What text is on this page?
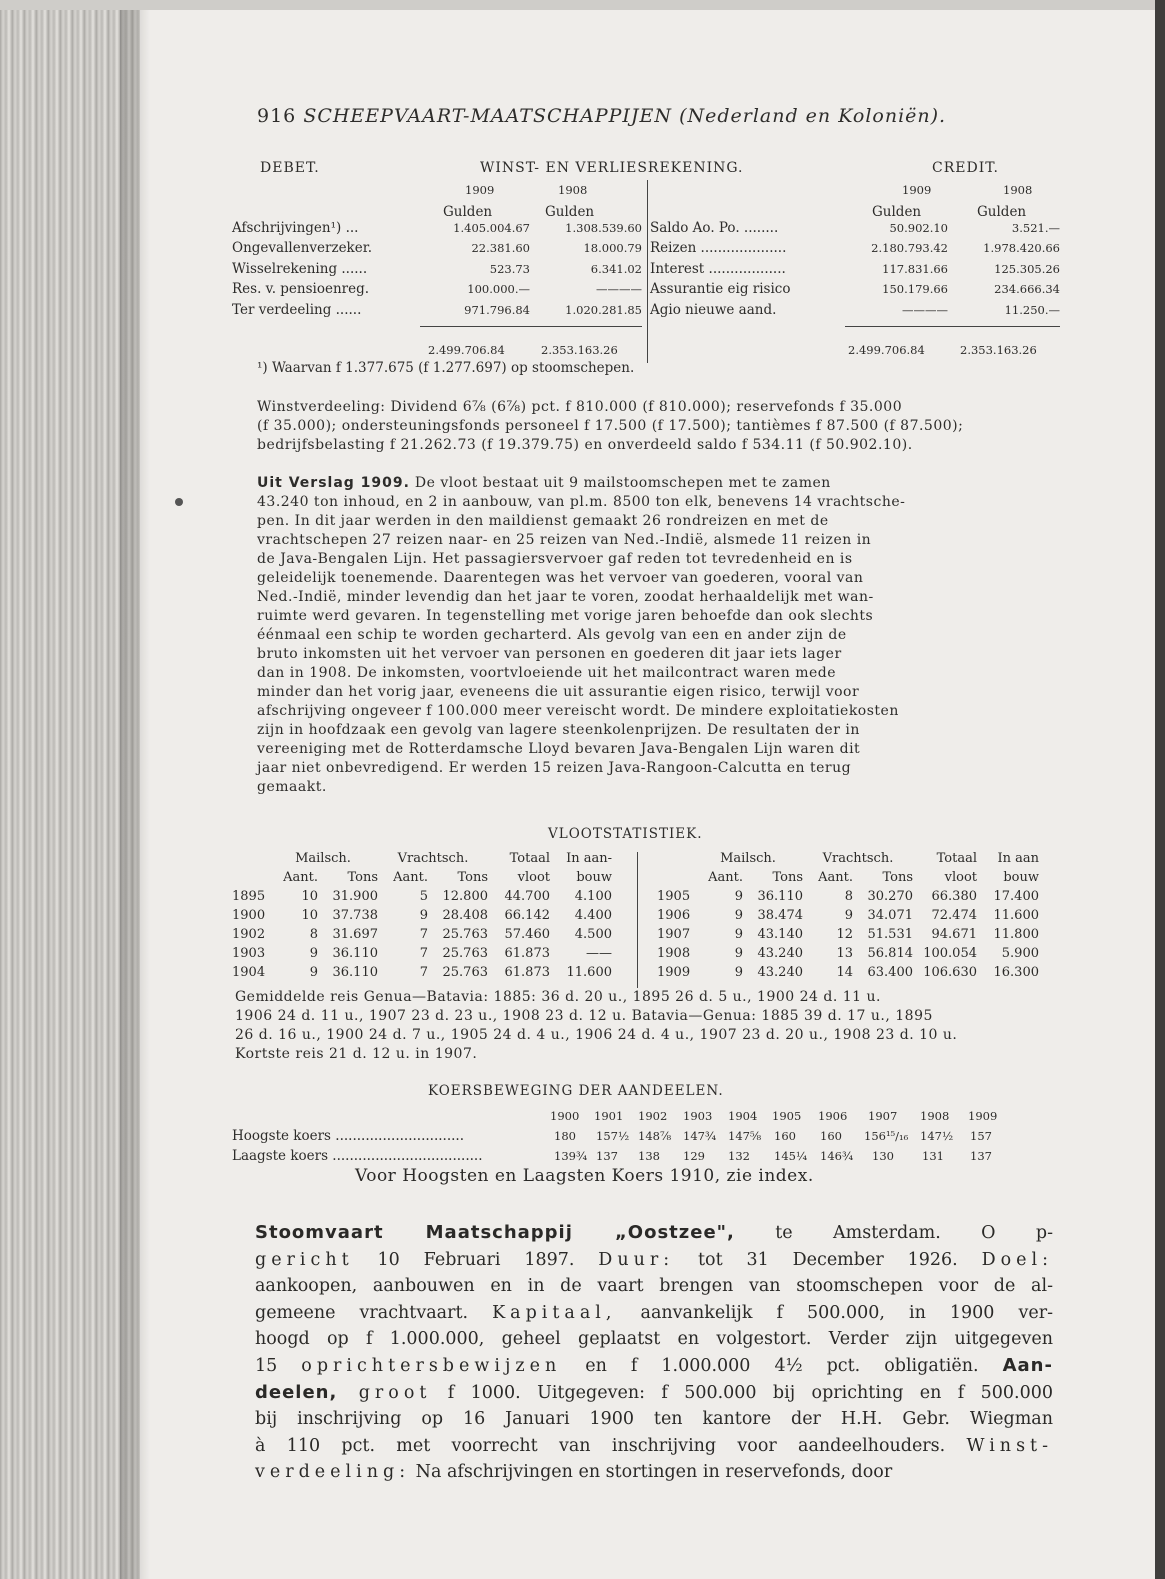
916 SCHEEPVAART-MAATSCHAPPIJEN (Nederland en Koloniën).
DEBET.	WINST- EN VERLIESREKENING.	CREDIT.
1909	1908
Gulden	Gulden
1909	1908
Gulden	Gulden
Afschrijvingen¹) ...	1.405.004.67	1.308.539.60
Ongevallenverzeker.	22.381.60	18.000.79
Wisselrekening ......	523.73	6.341.02
Res. v. pensioenreg.	100.000.—	————
Ter verdeeling ......	971.796.84	1.020.281.85
Saldo Ao. Po. ........	50.902.10	3.521.—
Reizen ....................	2.180.793.42	1.978.420.66
Interest ..................	117.831.66	125.305.26
Assurantie eig risico	150.179.66	234.666.34
Agio nieuwe aand.	————	11.250.—
2.499.706.84	2.353.163.26	2.499.706.84	2.353.163.26
¹) Waarvan f 1.377.675 (f 1.277.697) op stoomschepen.
Winstverdeeling: Dividend 6⅞ (6⅞) pct. f 810.000 (f 810.000); reservefonds f 35.000
(f 35.000); ondersteuningsfonds personeel f 17.500 (f 17.500); tantièmes f 87.500 (f 87.500);
bedrijfsbelasting f 21.262.73 (f 19.379.75) en onverdeeld saldo f 534.11 (f 50.902.10).
Uit Verslag 1909. De vloot bestaat uit 9 mailstoomschepen met te zamen
43.240 ton inhoud, en 2 in aanbouw, van pl.m. 8500 ton elk, benevens 14 vrachtsche-
pen. In dit jaar werden in den maildienst gemaakt 26 rondreizen en met de
vrachtschepen 27 reizen naar- en 25 reizen van Ned.-Indië, alsmede 11 reizen in
de Java-Bengalen Lijn. Het passagiersvervoer gaf reden tot tevredenheid en is
geleidelijk toenemende. Daarentegen was het vervoer van goederen, vooral van
Ned.-Indië, minder levendig dan het jaar te voren, zoodat herhaaldelijk met wan-
ruimte werd gevaren. In tegenstelling met vorige jaren behoefde dan ook slechts
éénmaal een schip te worden gecharterd. Als gevolg van een en ander zijn de
bruto inkomsten uit het vervoer van personen en goederen dit jaar iets lager
dan in 1908. De inkomsten, voortvloeiende uit het mailcontract waren mede
minder dan het vorig jaar, eveneens die uit assurantie eigen risico, terwijl voor
afschrijving ongeveer f 100.000 meer vereischt wordt. De mindere exploitatiekosten
zijn in hoofdzaak een gevolg van lagere steenkolenprijzen. De resultaten der in
vereeniging met de Rotterdamsche Lloyd bevaren Java-Bengalen Lijn waren dit
jaar niet onbevredigend. Er werden 15 reizen Java-Rangoon-Calcutta en terug
gemaakt.
VLOOTSTATISTIEK.
	Mailsch.		Vrachtsch.		Totaal	In aan-
	Aant.	Tons	Aant.	Tons	vloot	bouw
1895	10	31.900	5	12.800	44.700	4.100
1900	10	37.738	9	28.408	66.142	4.400
1902	8	31.697	7	25.763	57.460	4.500
1903	9	36.110	7	25.763	61.873	——
1904	9	36.110	7	25.763	61.873	11.600
	Mailsch.		Vrachtsch.		Totaal	In aan
	Aant.	Tons	Aant.	Tons	vloot	bouw
1905	9	36.110	8	30.270	66.380	17.400
1906	9	38.474	9	34.071	72.474	11.600
1907	9	43.140	12	51.531	94.671	11.800
1908	9	43.240	13	56.814	100.054	5.900
1909	9	43.240	14	63.400	106.630	16.300
Gemiddelde reis Genua—Batavia: 1885: 36 d. 20 u., 1895 26 d. 5 u., 1900 24 d. 11 u.
1906 24 d. 11 u., 1907 23 d. 23 u., 1908 23 d. 12 u. Batavia—Genua: 1885 39 d. 17 u., 1895
26 d. 16 u., 1900 24 d. 7 u., 1905 24 d. 4 u., 1906 24 d. 4 u., 1907 23 d. 20 u., 1908 23 d. 10 u.
Kortste reis 21 d. 12 u. in 1907.
KOERSBEWEGING DER AANDEELEN.
1900 1901 1902 1903 1904 1905 1906 1907 1908 1909
Hoogste koers ..............................	180 157½ 148⅞ 147¾ 147⅝ 160 160 156¹⁵/₁₆ 147½ 157
Laagste koers ...................................	139¾ 137 138 129 132 145¼ 146¾ 130 131 137
Voor Hoogsten en Laagsten Koers 1910, zie index.

Stoomvaart Maatschappij „Oostzee", te Amsterdam. O p-

gericht 10 Februari 1897. Duur: tot 31 December 1926. Doel:

aankoopen, aanbouwen en in de vaart brengen van stoomschepen voor de al-

gemeene vrachtvaart. Kapitaal, aanvankelijk f 500.000, in 1900 ver-

hoogd op f 1.000.000, geheel geplaatst en volgestort. Verder zijn uitgegeven

15 oprichtersbewijzen en f 1.000.000 4½ pct. obligatiën. Aan-

deelen, groot f 1000. Uitgegeven: f 500.000 bij oprichting en f 500.000

bij inschrijving op 16 Januari 1900 ten kantore der H.H. Gebr. Wiegman

à 110 pct. met voorrecht van inschrijving voor aandeelhouders. Winst-

verdeeling: Na afschrijvingen en stortingen in reservefonds, door
